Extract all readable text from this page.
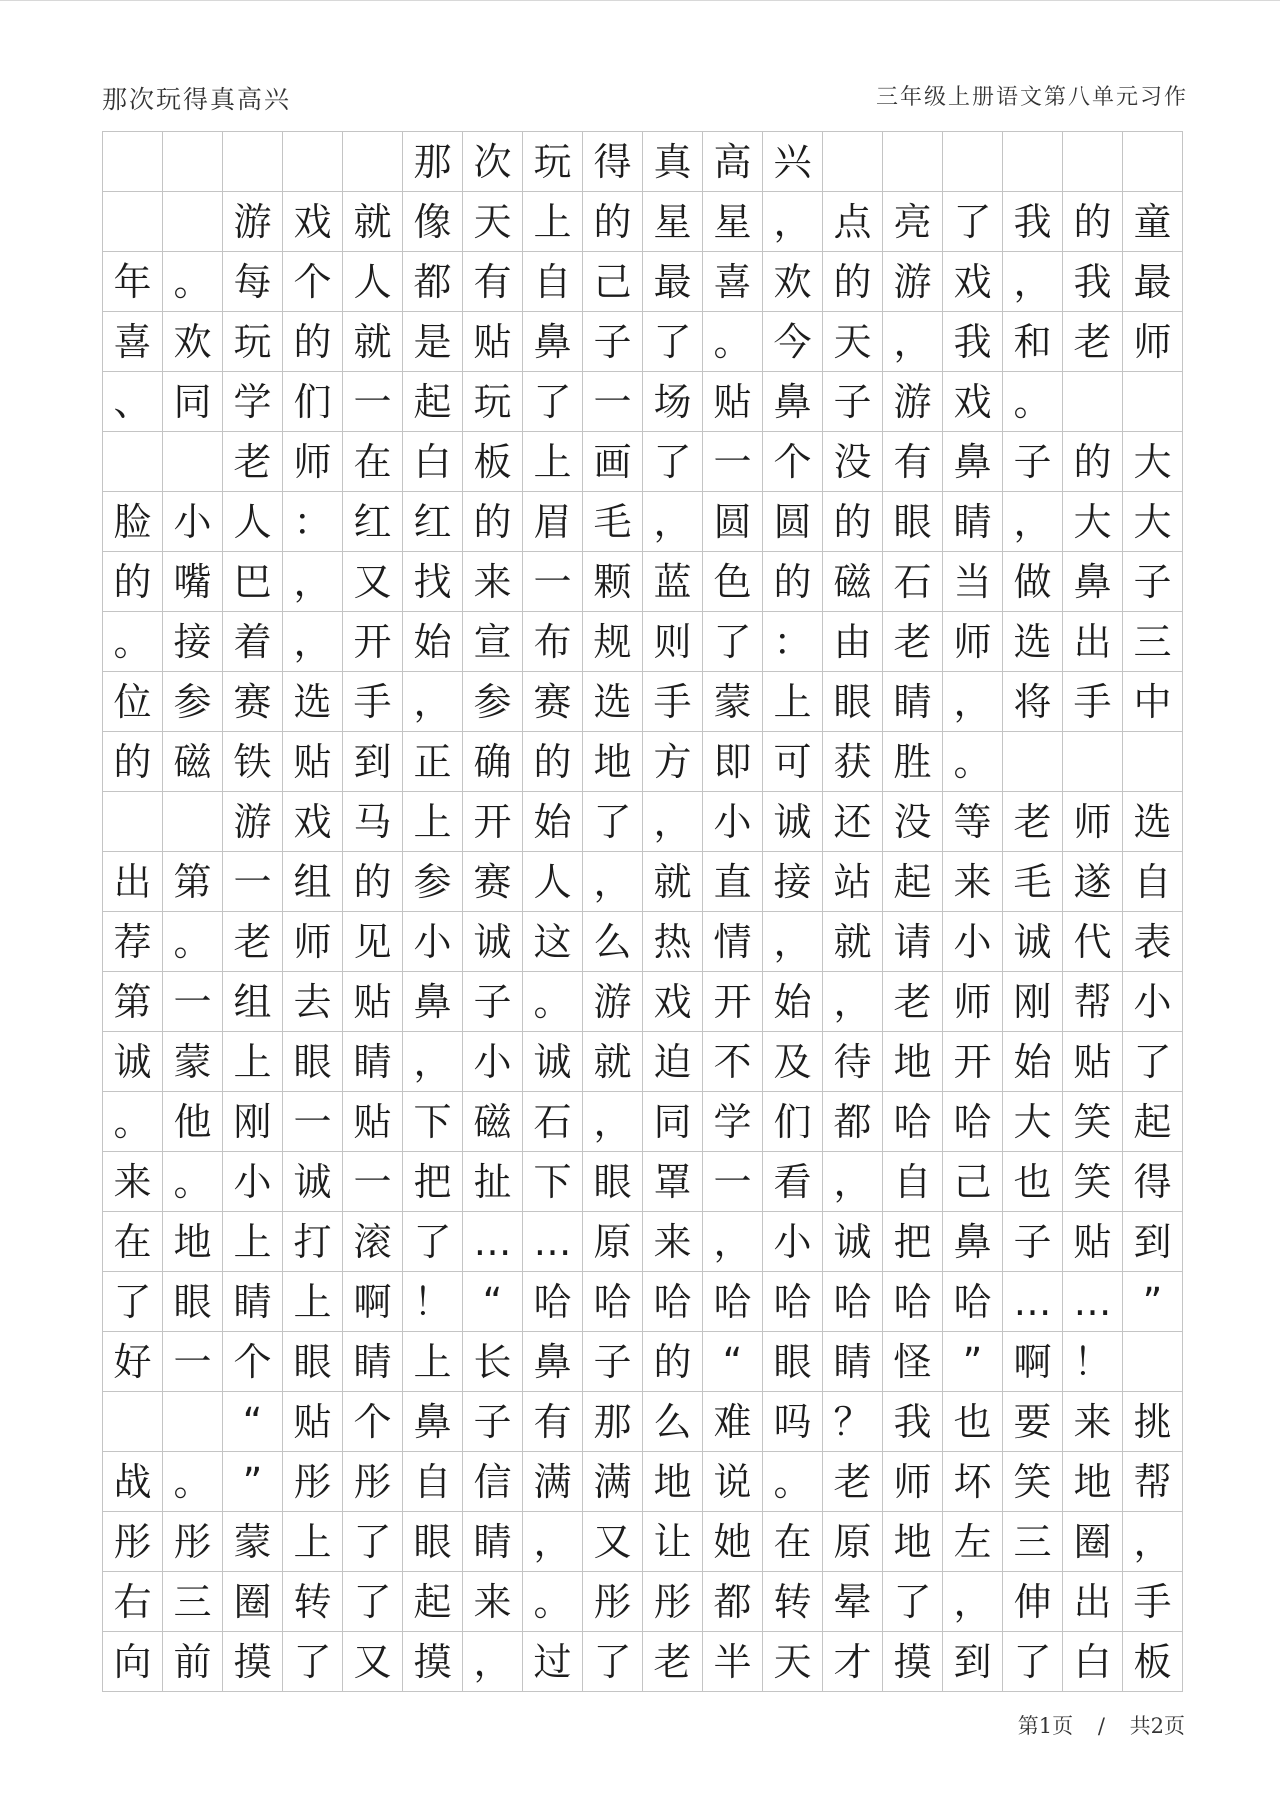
那次玩得真高兴	三年级上册语文第八单元习作
那 次 玩 得 真 高 兴
游 戏 就 像 天 上 的 星 星 ， 点 亮 了 我 的 童
年 。 每 个 人 都 有 自 己 最 喜 欢 的 游 戏 ， 我 最
喜 欢 玩 的 就 是 贴 鼻 子 了 。 今 天 ， 我 和 老 师
、 同 学 们 一 起 玩 了 一 场 贴 鼻 子 游 戏 。
老 师 在 白 板 上 画 了 一 个 没 有 鼻 子 的 大
脸 小 人 ： 红 红 的 眉 毛 ， 圆 圆 的 眼 睛 ， 大 大
的 嘴 巴 ， 又 找 来 一 颗 蓝 色 的 磁 石 当 做 鼻 子
。 接 着 ， 开 始 宣 布 规 则 了 ： 由 老 师 选 出 三
位 参 赛 选 手 ， 参 赛 选 手 蒙 上 眼 睛 ， 将 手 中
的 磁 铁 贴 到 正 确 的 地 方 即 可 获 胜 。
游 戏 马 上 开 始 了 ， 小 诚 还 没 等 老 师 选
出 第 一 组 的 参 赛 人 ， 就 直 接 站 起 来 毛 遂 自
荐 。 老 师 见 小 诚 这 么 热 情 ， 就 请 小 诚 代 表
第 一 组 去 贴 鼻 子 。 游 戏 开 始 ， 老 师 刚 帮 小
诚 蒙 上 眼 睛 ， 小 诚 就 迫 不 及 待 地 开 始 贴 了
。 他 刚 一 贴 下 磁 石 ， 同 学 们 都 哈 哈 大 笑 起
来 。 小 诚 一 把 扯 下 眼 罩 一 看 ， 自 己 也 笑 得
在 地 上 打 滚 了 … … 原 来 ， 小 诚 把 鼻 子 贴 到
了 眼 睛 上 啊 ！ “ 哈 哈 哈 哈 哈 哈 哈 哈 … … ”
好 一 个 眼 睛 上 长 鼻 子 的 “ 眼 睛 怪 ” 啊 ！
“ 贴 个 鼻 子 有 那 么 难 吗 ？ 我 也 要 来 挑
战 。 ” 彤 彤 自 信 满 满 地 说 。 老 师 坏 笑 地 帮
彤 彤 蒙 上 了 眼 睛 ， 又 让 她 在 原 地 左 三 圈 ，
右 三 圈 转 了 起 来 。 彤 彤 都 转 晕 了 ， 伸 出 手
向 前 摸 了 又 摸 ， 过 了 老 半 天 才 摸 到 了 白 板
第1页 / 共2页
